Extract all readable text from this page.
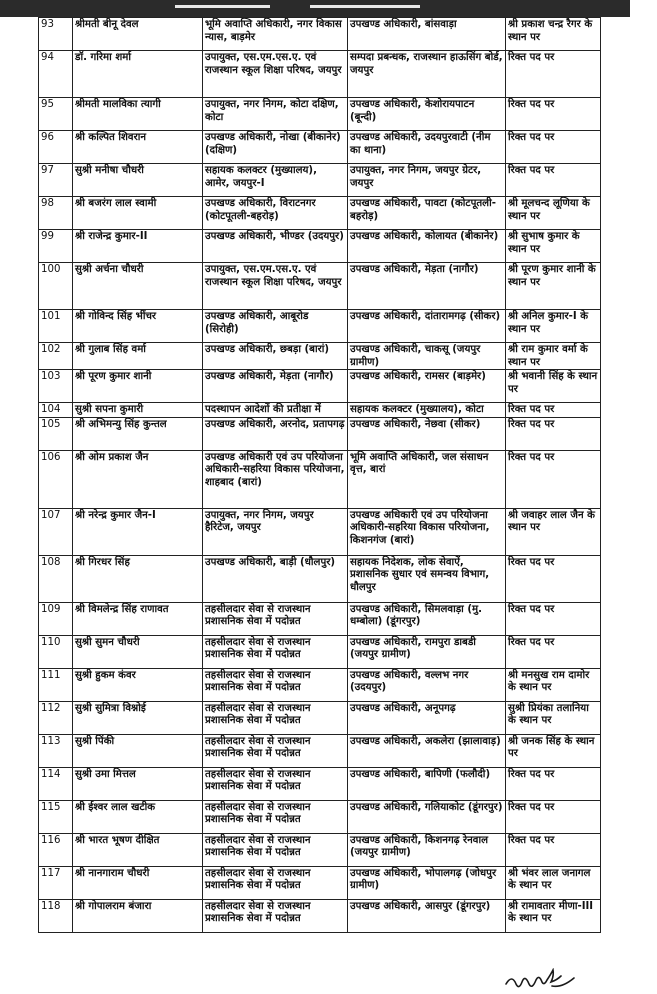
93	श्रीमती बीनू देवल	भूमि अवाप्ति अधिकारी, नगर विकास न्यास, बाड़मेर	उपखण्ड अधिकारी, बांसवाड़ा	श्री प्रकाश चन्द्र रैगर के स्थान पर
94	डॉ. गरिमा शर्मा	उपायुक्त, एस.एम.एस.ए. एवं राजस्थान स्कूल शिक्षा परिषद, जयपुर	सम्पदा प्रबन्धक, राजस्थान हाऊसिंग बोर्ड, जयपुर	रिक्त पद पर
95	श्रीमती मालविका त्यागी	उपायुक्त, नगर निगम, कोटा दक्षिण, कोटा	उपखण्ड अधिकारी, केशोरायपाटन (बून्दी)	रिक्त पद पर
96	श्री कल्पित शिवरान	उपखण्ड अधिकारी, नोखा (बीकानेर) (दक्षिण)	उपखण्ड अधिकारी, उदयपुरवाटी (नीम का थाना)	रिक्त पद पर
97	सुश्री मनीषा चौधरी	सहायक कलक्टर (मुख्यालय), आमेर, जयपुर-I	उपायुक्त, नगर निगम, जयपुर ग्रेटर, जयपुर	रिक्त पद पर
98	श्री बजरंग लाल स्वामी	उपखण्ड अधिकारी, विराटनगर (कोटपूतली-बहरोड़)	उपखण्ड अधिकारी, पावटा (कोटपूतली-बहरोड़)	श्री मूलचन्द लूणिया के स्थान पर
99	श्री राजेन्द्र कुमार-II	उपखण्ड अधिकारी, भीण्डर (उदयपुर)	उपखण्ड अधिकारी, कोलायत (बीकानेर)	श्री सुभाष कुमार के स्थान पर
100	सुश्री अर्चना चौधरी	उपायुक्त, एस.एम.एस.ए. एवं राजस्थान स्कूल शिक्षा परिषद, जयपुर	उपखण्ड अधिकारी, मेड़ता (नागौर)	श्री पूरण कुमार शानी के स्थान पर
101	श्री गोविन्द सिंह भींचर	उपखण्ड अधिकारी, आबूरोड (सिरोही)	उपखण्ड अधिकारी, दांतारामगढ़ (सीकर)	श्री अनिल कुमार-I के स्थान पर
102	श्री गुलाब सिंह वर्मा	उपखण्ड अधिकारी, छबड़ा (बारां)	उपखण्ड अधिकारी, चाकसू (जयपुर ग्रामीण)	श्री राम कुमार वर्मा के स्थान पर
103	श्री पूरण कुमार शानी	उपखण्ड अधिकारी, मेड़ता (नागौर)	उपखण्ड अधिकारी, रामसर (बाड़मेर)	श्री भवानी सिंह के स्थान पर
104	सुश्री सपना कुमारी	पदस्थापन आदेशों की प्रतीक्षा में	सहायक कलक्टर (मुख्यालय), कोटा	रिक्त पद पर
105	श्री अभिमन्यु सिंह कुन्तल	उपखण्ड अधिकारी, अरनोद, प्रतापगढ़	उपखण्ड अधिकारी, नेछवा (सीकर)	रिक्त पद पर
106	श्री ओम प्रकाश जैन	उपखण्ड अधिकारी एवं उप परियोजना अधिकारी-सहरिया विकास परियोजना, शाहबाद (बारां)	भूमि अवाप्ति अधिकारी, जल संसाधन वृत्त, बारां	रिक्त पद पर
107	श्री नरेन्द्र कुमार जैन-I	उपायुक्त, नगर निगम, जयपुर हैरिटेज, जयपुर	उपखण्ड अधिकारी एवं उप परियोजना अधिकारी-सहरिया विकास परियोजना, किशनगंज (बारां)	श्री जवाहर लाल जैन के स्थान पर
108	श्री गिरधर सिंह	उपखण्ड अधिकारी, बाड़ी (धौलपुर)	सहायक निदेशक, लोक सेवाऐं, प्रशासनिक सुधार एवं समन्वय विभाग, धौलपुर	रिक्त पद पर
109	श्री विमलेन्द्र सिंह राणावत	तहसीलदार सेवा से राजस्थान प्रशासनिक सेवा में पदोन्नत	उपखण्ड अधिकारी, सिमलवाड़ा (मु. धम्बोला) (डूंगरपुर)	रिक्त पद पर
110	सुश्री सुमन चौधरी	तहसीलदार सेवा से राजस्थान प्रशासनिक सेवा में पदोन्नत	उपखण्ड अधिकारी, रामपुरा डाबडी (जयपुर ग्रामीण)	रिक्त पद पर
111	सुश्री हुकम कंवर	तहसीलदार सेवा से राजस्थान प्रशासनिक सेवा में पदोन्नत	उपखण्ड अधिकारी, वल्लभ नगर (उदयपुर)	श्री मनसुख राम दामोर के स्थान पर
112	सुश्री सुमित्रा विश्नोई	तहसीलदार सेवा से राजस्थान प्रशासनिक सेवा में पदोन्नत	उपखण्ड अधिकारी, अनूपगढ़	सुश्री प्रियंका तलानिया के स्थान पर
113	सुश्री पिंकी	तहसीलदार सेवा से राजस्थान प्रशासनिक सेवा में पदोन्नत	उपखण्ड अधिकारी, अकलेरा (झालावाड़)	श्री जनक सिंह के स्थान पर
114	सुश्री उमा मित्तल	तहसीलदार सेवा से राजस्थान प्रशासनिक सेवा में पदोन्नत	उपखण्ड अधिकारी, बापिणी (फलौदी)	रिक्त पद पर
115	श्री ईश्वर लाल खटीक	तहसीलदार सेवा से राजस्थान प्रशासनिक सेवा में पदोन्नत	उपखण्ड अधिकारी, गलियाकोट (डूंगरपुर)	रिक्त पद पर
116	श्री भारत भूषण दीक्षित	तहसीलदार सेवा से राजस्थान प्रशासनिक सेवा में पदोन्नत	उपखण्ड अधिकारी, किशनगढ़ रेनवाल (जयपुर ग्रामीण)	रिक्त पद पर
117	श्री नानगाराम चौधरी	तहसीलदार सेवा से राजस्थान प्रशासनिक सेवा में पदोन्नत	उपखण्ड अधिकारी, भोपालगढ़ (जोधपुर ग्रामीण)	श्री भंवर लाल जनागल के स्थान पर
118	श्री गोपालराम बंजारा	तहसीलदार सेवा से राजस्थान प्रशासनिक सेवा में पदोन्नत	उपखण्ड अधिकारी, आसपुर (डूंगरपुर)	श्री रामावतार मीणा-III के स्थान पर
